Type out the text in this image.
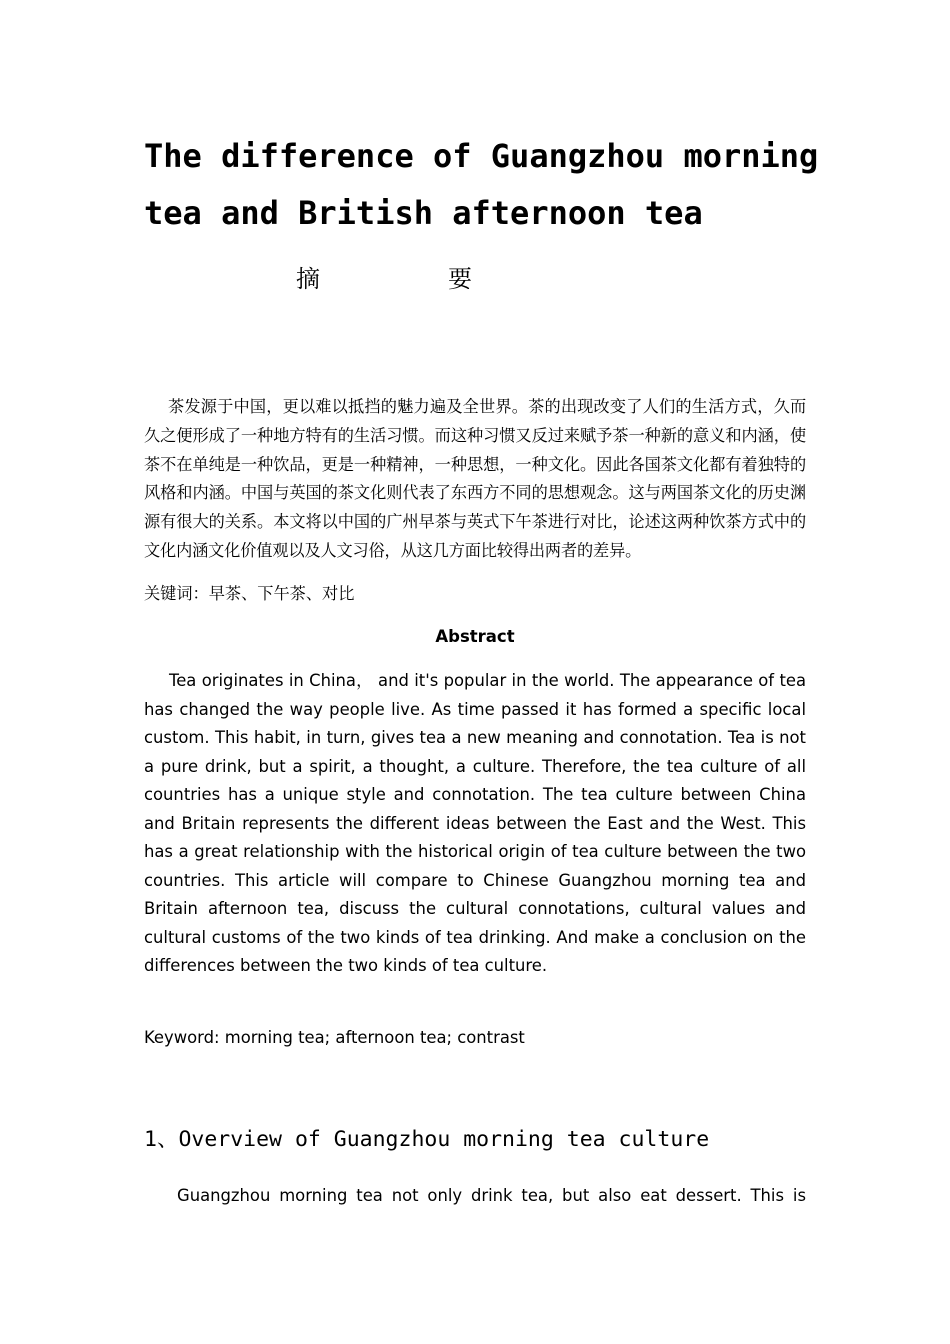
The difference of Guangzhou morning tea and British afternoon tea
摘	要

茶发源于中国，更以难以抵挡的魅力遍及全世界。茶的出现改变了人们的生活方式，久而久之便形成了一种地方特有的生活习惯。而这种习惯又反过来赋予茶一种新的意义和内涵，使茶不在单纯是一种饮品，更是一种精神，一种思想，一种文化。因此各国茶文化都有着独特的风格和内涵。中国与英国的茶文化则代表了东西方不同的思想观念。这与两国茶文化的历史渊源有很大的关系。本文将以中国的广州早茶与英式下午茶进行对比，论述这两种饮茶方式中的文化内涵文化价值观以及人文习俗，从这几方面比较得出两者的差异。

关键词：早茶、下午茶、对比
Abstract

Tea originates in China， and it's popular in the world. The appearance of tea has changed the way people live. As time passed it has formed a specific local custom. This habit, in turn, gives tea a new meaning and connotation. Tea is not a pure drink, but a spirit, a thought, a culture. Therefore, the tea culture of all countries has a unique style and connotation. The tea culture between China and Britain represents the different ideas between the East and the West. This has a great relationship with the historical origin of tea culture between the two countries. This article will compare to Chinese Guangzhou morning tea and Britain afternoon tea, discuss the cultural connotations, cultural values and cultural customs of the two kinds of tea drinking. And make a conclusion on the differences between the two kinds of tea culture.

Keyword: morning tea; afternoon tea; contrast
1、Overview of Guangzhou morning tea culture

Guangzhou morning tea not only drink tea, but also eat dessert. This is
